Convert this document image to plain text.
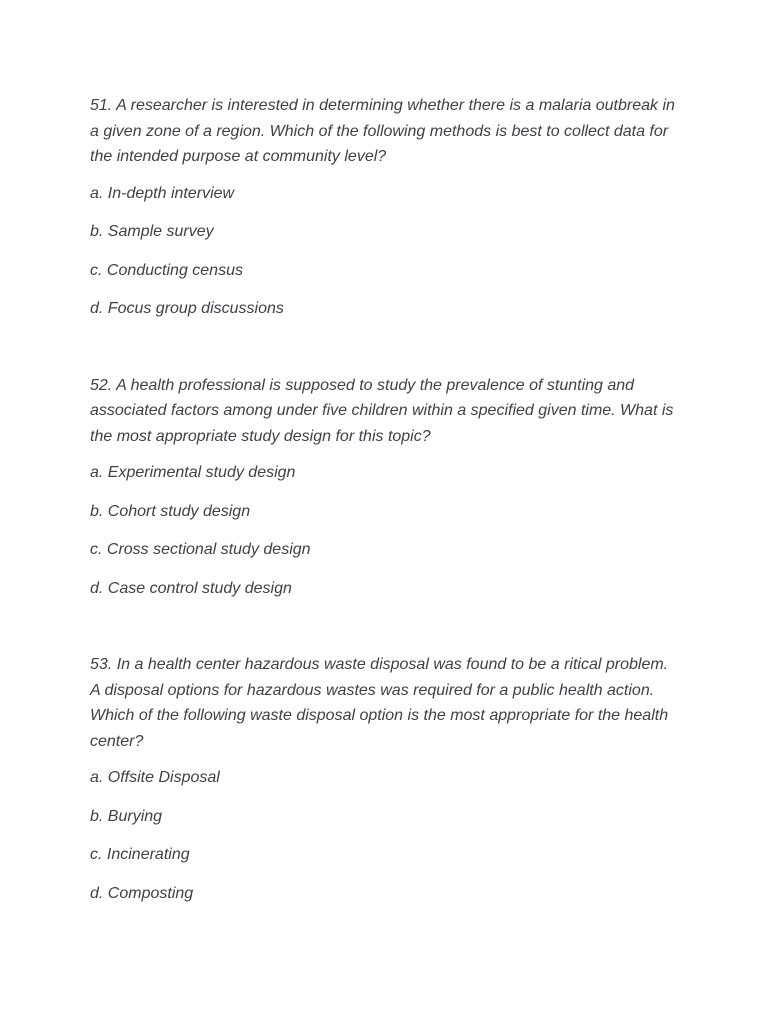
51. A researcher is interested in determining whether there is a malaria outbreak in a given zone of a region. Which of the following methods is best to collect data for the intended purpose at community level?

a. In-depth interview

b. Sample survey

c. Conducting census

d. Focus group discussions

52. A health professional is supposed to study the prevalence of stunting and associated factors among under five children within a specified given time. What is the most appropriate study design for this topic?

a. Experimental study design

b. Cohort study design

c. Cross sectional study design

d. Case control study design

53. In a health center hazardous waste disposal was found to be a ritical problem. A disposal options for hazardous wastes was required for a public health action. Which of the following waste disposal option is the most appropriate for the health center?

a. Offsite Disposal

b. Burying

c. Incinerating

d. Composting
